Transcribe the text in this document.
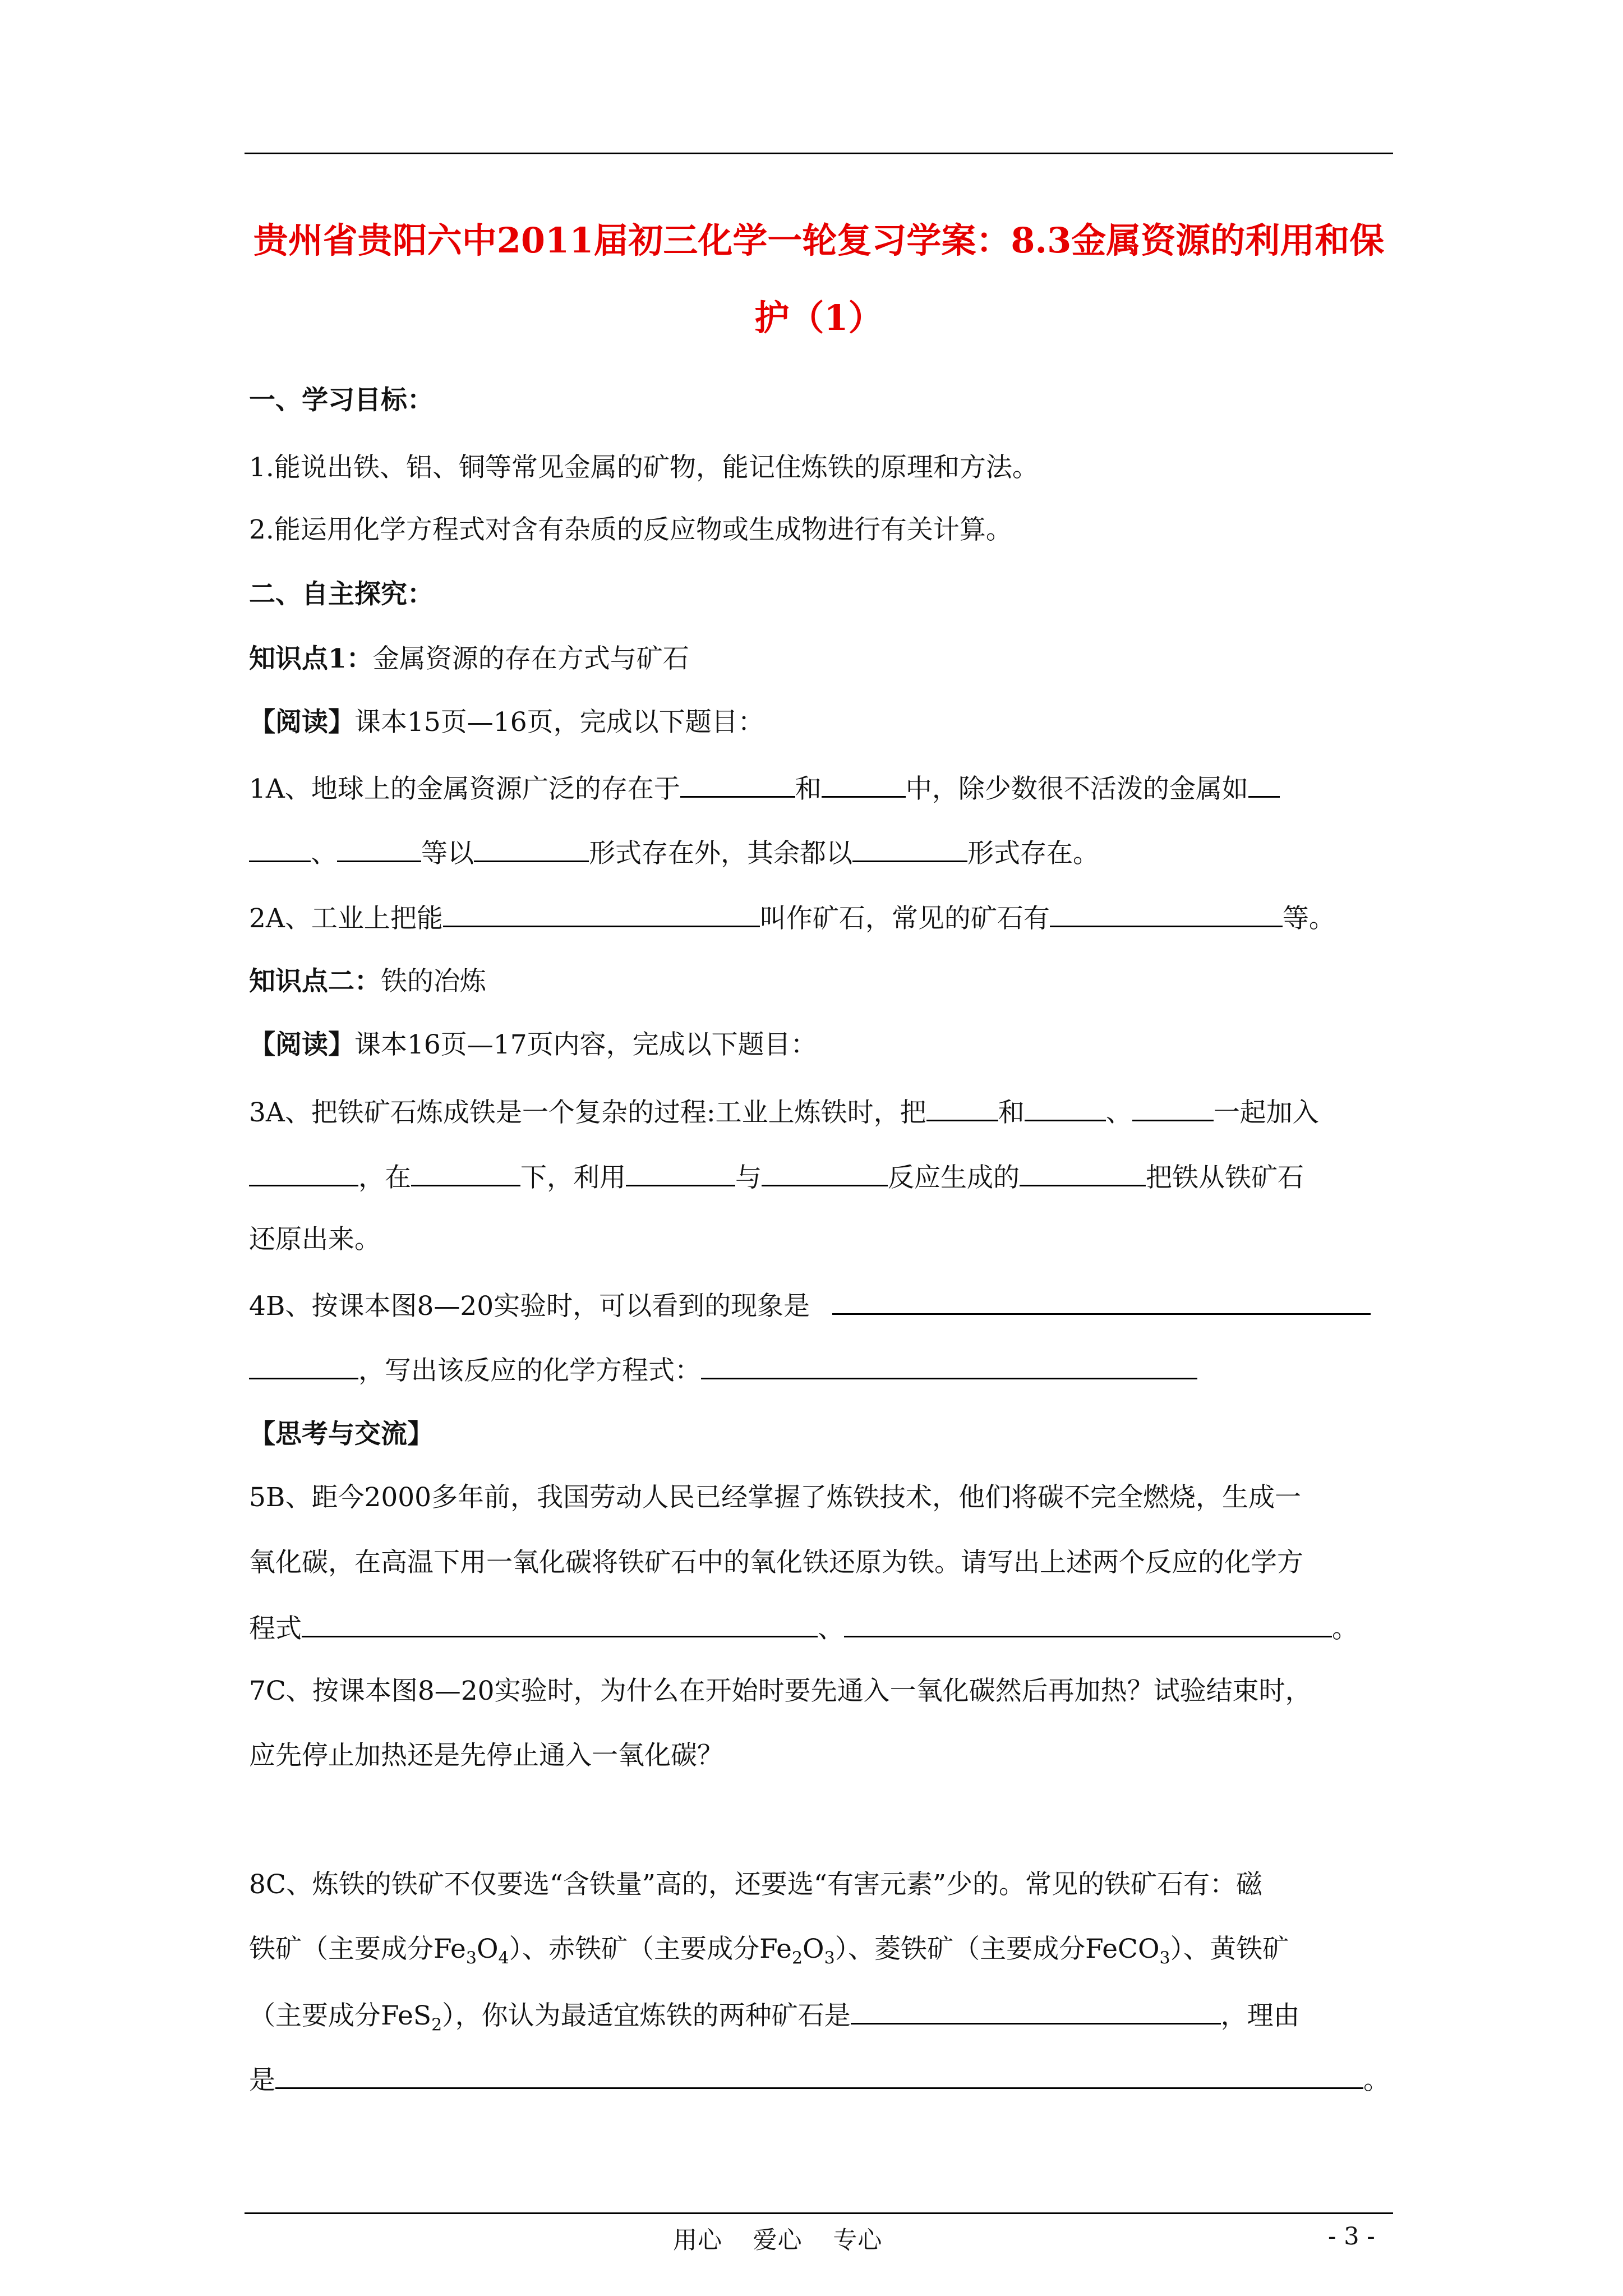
贵州省贵阳六中2011届初三化学一轮复习学案：8.3金属资源的利用和保护（1）
一、学习目标：
1.能说出铁、铝、铜等常见金属的矿物，能记住炼铁的原理和方法。
2.能运用化学方程式对含有杂质的反应物或生成物进行有关计算。
二、自主探究：
知识点1：金属资源的存在方式与矿石
【阅读】课本15页—16页，完成以下题目：
1A、地球上的金属资源广泛的存在于	和	中，除少数很不活泼的金属如
、	等以	形式存在外，其余都以	形式存在。
2A、工业上把能	叫作矿石，常见的矿石有	等。
知识点二：铁的冶炼
【阅读】课本16页—17页内容，完成以下题目：
3A、把铁矿石炼成铁是一个复杂的过程:工业上炼铁时，把	和	、	一起加入
，在	下，利用	与	反应生成的	把铁从铁矿石
还原出来。
4B、按课本图8—20实验时，可以看到的现象是
，写出该反应的化学方程式：
【思考与交流】
5B、距今2000多年前，我国劳动人民已经掌握了炼铁技术，他们将碳不完全燃烧，生成一
氧化碳，在高温下用一氧化碳将铁矿石中的氧化铁还原为铁。请写出上述两个反应的化学方
程式	、	。
7C、按课本图8—20实验时，为什么在开始时要先通入一氧化碳然后再加热？试验结束时，
应先停止加热还是先停止通入一氧化碳？
8C、炼铁的铁矿不仅要选“含铁量”高的，还要选“有害元素”少的。常见的铁矿石有：磁
铁矿（主要成分$Fe_3O_4$）、赤铁矿（主要成分$Fe_2O_3$）、菱铁矿（主要成分FeCO$_3$）、黄铁矿
（主要成分FeS$_2$），你认为最适宜炼铁的两种矿石是	，理由
是	。
用心 爱心 专心	- 3 -
